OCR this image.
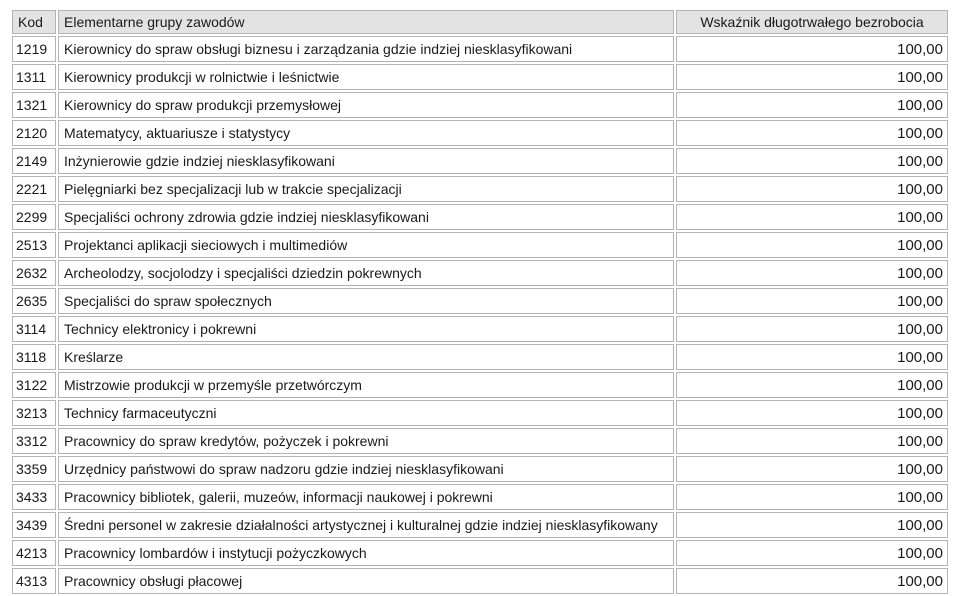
Kod	Elementarne grupy zawodów	Wskaźnik długotrwałego bezrobocia
1219	Kierownicy do spraw obsługi biznesu i zarządzania gdzie indziej niesklasyfikowani	100,00
1311	Kierownicy produkcji w rolnictwie i leśnictwie	100,00
1321	Kierownicy do spraw produkcji przemysłowej	100,00
2120	Matematycy, aktuariusze i statystycy	100,00
2149	Inżynierowie gdzie indziej niesklasyfikowani	100,00
2221	Pielęgniarki bez specjalizacji lub w trakcie specjalizacji	100,00
2299	Specjaliści ochrony zdrowia gdzie indziej niesklasyfikowani	100,00
2513	Projektanci aplikacji sieciowych i multimediów	100,00
2632	Archeolodzy, socjolodzy i specjaliści dziedzin pokrewnych	100,00
2635	Specjaliści do spraw społecznych	100,00
3114	Technicy elektronicy i pokrewni	100,00
3118	Kreślarze	100,00
3122	Mistrzowie produkcji w przemyśle przetwórczym	100,00
3213	Technicy farmaceutyczni	100,00
3312	Pracownicy do spraw kredytów, pożyczek i pokrewni	100,00
3359	Urzędnicy państwowi do spraw nadzoru gdzie indziej niesklasyfikowani	100,00
3433	Pracownicy bibliotek, galerii, muzeów, informacji naukowej i pokrewni	100,00
3439	Średni personel w zakresie działalności artystycznej i kulturalnej gdzie indziej niesklasyfikowany	100,00
4213	Pracownicy lombardów i instytucji pożyczkowych	100,00
4313	Pracownicy obsługi płacowej	100,00
